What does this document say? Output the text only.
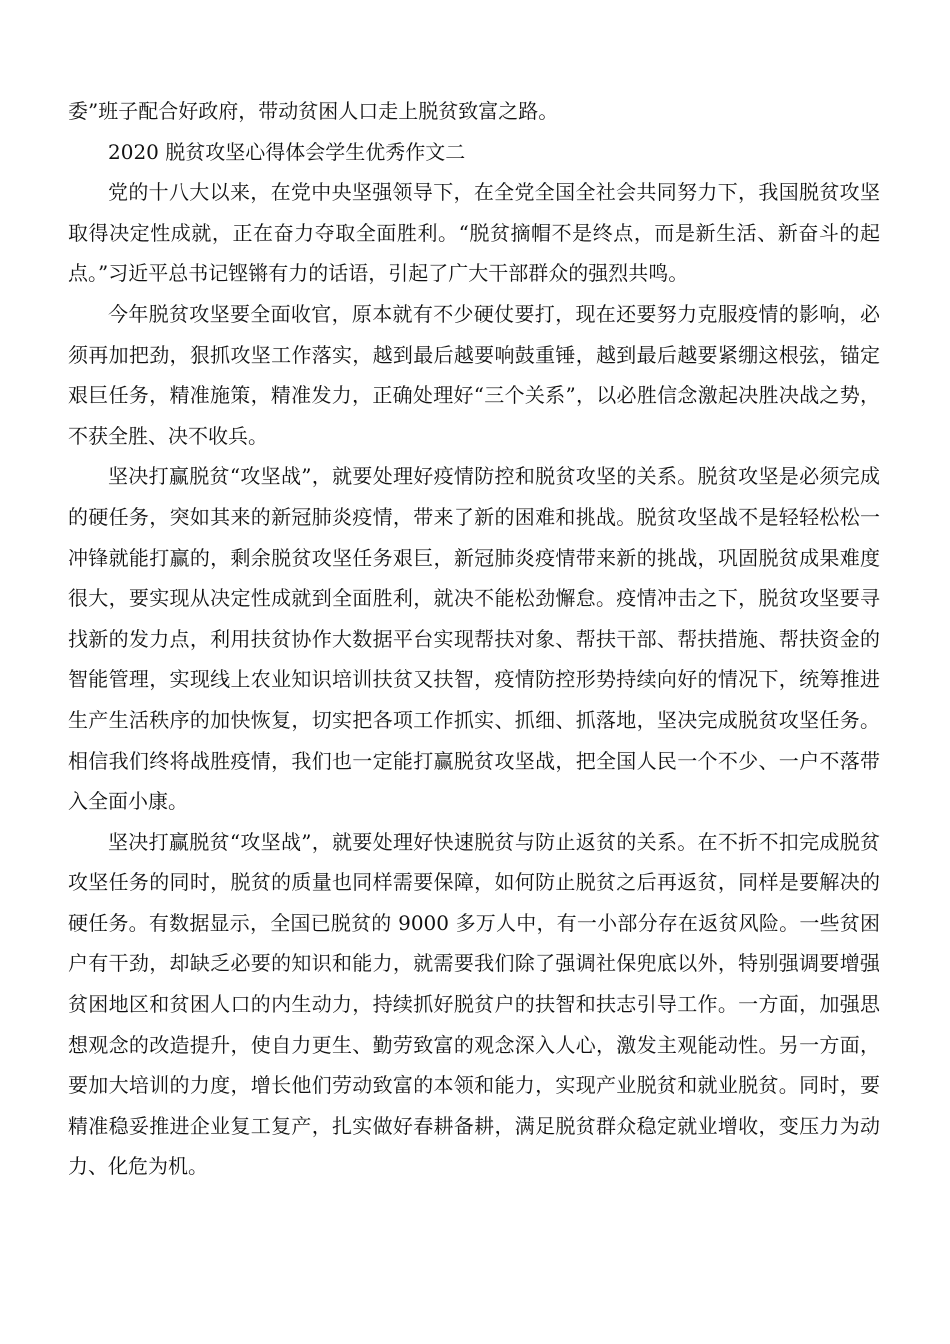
委”班子配合好政府，带动贫困人口走上脱贫致富之路。

2020 脱贫攻坚心得体会学生优秀作文二

党的十八大以来，在党中央坚强领导下，在全党全国全社会共同努力下，我国脱贫攻坚取得决定性成就，正在奋力夺取全面胜利。“脱贫摘帽不是终点，而是新生活、新奋斗的起点。”习近平总书记铿锵有力的话语，引起了广大干部群众的强烈共鸣。

今年脱贫攻坚要全面收官，原本就有不少硬仗要打，现在还要努力克服疫情的影响，必须再加把劲，狠抓攻坚工作落实，越到最后越要响鼓重锤，越到最后越要紧绷这根弦，锚定艰巨任务，精准施策，精准发力，正确处理好“三个关系”，以必胜信念激起决胜决战之势，不获全胜、决不收兵。

坚决打赢脱贫“攻坚战”，就要处理好疫情防控和脱贫攻坚的关系。脱贫攻坚是必须完成的硬任务，突如其来的新冠肺炎疫情，带来了新的困难和挑战。脱贫攻坚战不是轻轻松松一冲锋就能打赢的，剩余脱贫攻坚任务艰巨，新冠肺炎疫情带来新的挑战，巩固脱贫成果难度很大，要实现从决定性成就到全面胜利，就决不能松劲懈怠。疫情冲击之下，脱贫攻坚要寻找新的发力点，利用扶贫协作大数据平台实现帮扶对象、帮扶干部、帮扶措施、帮扶资金的智能管理，实现线上农业知识培训扶贫又扶智，疫情防控形势持续向好的情况下，统筹推进生产生活秩序的加快恢复，切实把各项工作抓实、抓细、抓落地，坚决完成脱贫攻坚任务。相信我们终将战胜疫情，我们也一定能打赢脱贫攻坚战，把全国人民一个不少、一户不落带入全面小康。

坚决打赢脱贫“攻坚战”，就要处理好快速脱贫与防止返贫的关系。在不折不扣完成脱贫攻坚任务的同时，脱贫的质量也同样需要保障，如何防止脱贫之后再返贫，同样是要解决的硬任务。有数据显示，全国已脱贫的 9000 多万人中，有一小部分存在返贫风险。一些贫困户有干劲，却缺乏必要的知识和能力，就需要我们除了强调社保兜底以外，特别强调要增强贫困地区和贫困人口的内生动力，持续抓好脱贫户的扶智和扶志引导工作。一方面，加强思想观念的改造提升，使自力更生、勤劳致富的观念深入人心，激发主观能动性。另一方面，要加大培训的力度，增长他们劳动致富的本领和能力，实现产业脱贫和就业脱贫。同时，要精准稳妥推进企业复工复产，扎实做好春耕备耕，满足脱贫群众稳定就业增收，变压力为动力、化危为机。
